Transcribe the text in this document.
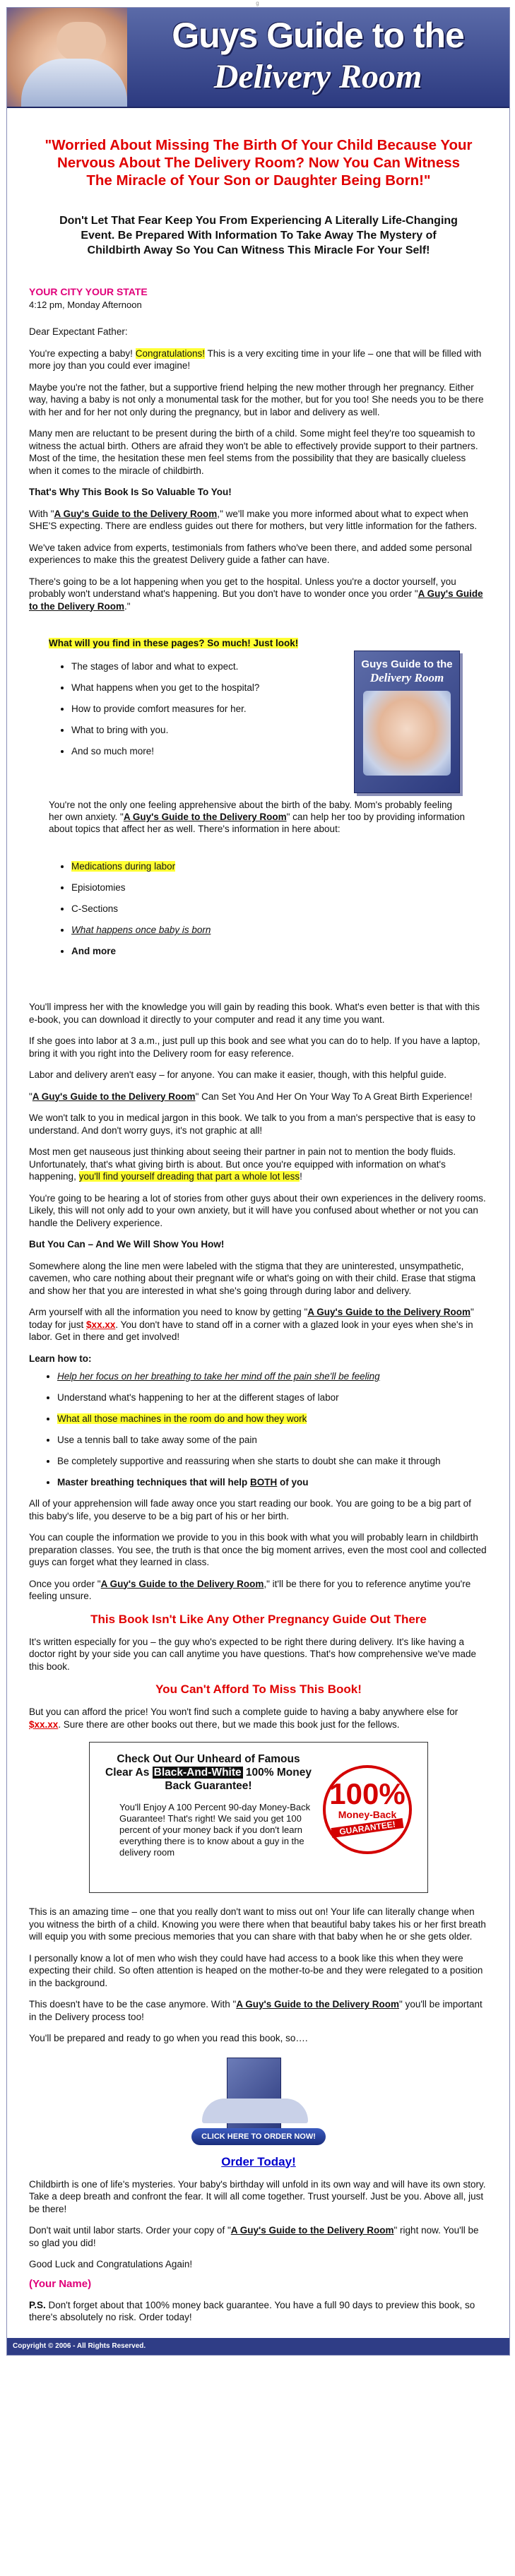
g
Guys Guide to the
Delivery Room
"Worried About Missing The Birth Of Your Child Because Your Nervous About The Delivery Room? Now You Can Witness The Miracle of Your Son or Daughter Being Born!"
Don't Let That Fear Keep You From Experiencing A Literally Life-Changing Event. Be Prepared With Information To Take Away The Mystery of Childbirth Away So You Can Witness This Miracle For Your Self!
YOUR CITY YOUR STATE
4:12 pm, Monday Afternoon

Dear Expectant Father:

You're expecting a baby! Congratulations! This is a very exciting time in your life – one that will be filled with more joy than you could ever imagine!

Maybe you're not the father, but a supportive friend helping the new mother through her pregnancy. Either way, having a baby is not only a monumental task for the mother, but for you too! She needs you to be there with her and for her not only during the pregnancy, but in labor and delivery as well.

Many men are reluctant to be present during the birth of a child. Some might feel they're too squeamish to witness the actual birth. Others are afraid they won't be able to effectively provide support to their partners. Most of the time, the hesitation these men feel stems from the possibility that they are basically clueless when it comes to the miracle of childbirth.

That's Why This Book Is So Valuable To You!

With "A Guy's Guide to the Delivery Room," we'll make you more informed about what to expect when SHE'S expecting. There are endless guides out there for mothers, but very little information for the fathers.

We've taken advice from experts, testimonials from fathers who've been there, and added some personal experiences to make this the greatest Delivery guide a father can have.

There's going to be a lot happening when you get to the hospital. Unless you're a doctor yourself, you probably won't understand what's happening. But you don't have to wonder once you order "A Guy's Guide to the Delivery Room."

What will you find in these pages? So much! Just look!
• The stages of labor and what to expect.
• What happens when you get to the hospital?
• How to provide comfort measures for her.
• What to bring with you.
• And so much more!
Guys Guide to the
Delivery Room
You're not the only one feeling apprehensive about the birth of the baby. Mom's probably feeling her own anxiety. "A Guy's Guide to the Delivery Room" can help her too by providing information about topics that affect her as well. There's information in here about:
• Medications during labor
• Episiotomies
• C-Sections
• What happens once baby is born
• And more

You'll impress her with the knowledge you will gain by reading this book. What's even better is that with this e-book, you can download it directly to your computer and read it any time you want.

If she goes into labor at 3 a.m., just pull up this book and see what you can do to help. If you have a laptop, bring it with you right into the Delivery room for easy reference.

Labor and delivery aren't easy – for anyone. You can make it easier, though, with this helpful guide.

"A Guy's Guide to the Delivery Room" Can Set You And Her On Your Way To A Great Birth Experience!

We won't talk to you in medical jargon in this book. We talk to you from a man's perspective that is easy to understand. And don't worry guys, it's not graphic at all!

Most men get nauseous just thinking about seeing their partner in pain not to mention the body fluids. Unfortunately, that's what giving birth is about. But once you're equipped with information on what's happening, you'll find yourself dreading that part a whole lot less!

You're going to be hearing a lot of stories from other guys about their own experiences in the delivery rooms. Likely, this will not only add to your own anxiety, but it will have you confused about whether or not you can handle the Delivery experience.

But You Can – And We Will Show You How!

Somewhere along the line men were labeled with the stigma that they are uninterested, unsympathetic, cavemen, who care nothing about their pregnant wife or what's going on with their child. Erase that stigma and show her that you are interested in what she's going through during labor and delivery.

Arm yourself with all the information you need to know by getting "A Guy's Guide to the Delivery Room" today for just $xx.xx. You don't have to stand off in a corner with a glazed look in your eyes when she's in labor. Get in there and get involved!

Learn how to:

• Help her focus on her breathing to take her mind off the pain she'll be feeling
• Understand what's happening to her at the different stages of labor
• What all those machines in the room do and how they work
• Use a tennis ball to take away some of the pain
• Be completely supportive and reassuring when she starts to doubt she can make it through
• Master breathing techniques that will help BOTH of you

All of your apprehension will fade away once you start reading our book. You are going to be a big part of this baby's life, you deserve to be a big part of his or her birth.

You can couple the information we provide to you in this book with what you will probably learn in childbirth preparation classes. You see, the truth is that once the big moment arrives, even the most cool and collected guys can forget what they learned in class.

Once you order "A Guy's Guide to the Delivery Room," it'll be there for you to reference anytime you're feeling unsure.

This Book Isn't Like Any Other Pregnancy Guide Out There

It's written especially for you – the guy who's expected to be right there during delivery. It's like having a doctor right by your side you can call anytime you have questions. That's how comprehensive we've made this book.

You Can't Afford To Miss This Book!

But you can afford the price! You won't find such a complete guide to having a baby anywhere else for $xx.xx. Sure there are other books out there, but we made this book just for the fellows.

Check Out Our Unheard of Famous Clear As Black-And-White 100% Money Back Guarantee!
You'll Enjoy A 100 Percent 90-day Money-Back Guarantee! That's right! We said you get 100 percent of your money back if you don't learn everything there is to know about a guy in the delivery room
100%
Money-Back
GUARANTEE!

This is an amazing time – one that you really don't want to miss out on! Your life can literally change when you witness the birth of a child. Knowing you were there when that beautiful baby takes his or her first breath will equip you with some precious memories that you can share with that baby when he or she gets older.

I personally know a lot of men who wish they could have had access to a book like this when they were expecting their child. So often attention is heaped on the mother-to-be and they were relegated to a position in the background.

This doesn't have to be the case anymore. With "A Guy's Guide to the Delivery Room" you'll be important in the Delivery process too!

You'll be prepared and ready to go when you read this book, so….

CLICK HERE TO ORDER NOW!
Order Today!

Childbirth is one of life's mysteries. Your baby's birthday will unfold in its own way and will have its own story. Take a deep breath and confront the fear. It will all come together. Trust yourself. Just be you. Above all, just be there!

Don't wait until labor starts. Order your copy of "A Guy's Guide to the Delivery Room" right now. You'll be so glad you did!

Good Luck and Congratulations Again!

(Your Name)

P.S. Don't forget about that 100% money back guarantee. You have a full 90 days to preview this book, so there's absolutely no risk. Order today!

Copyright © 2006 - All Rights Reserved.
